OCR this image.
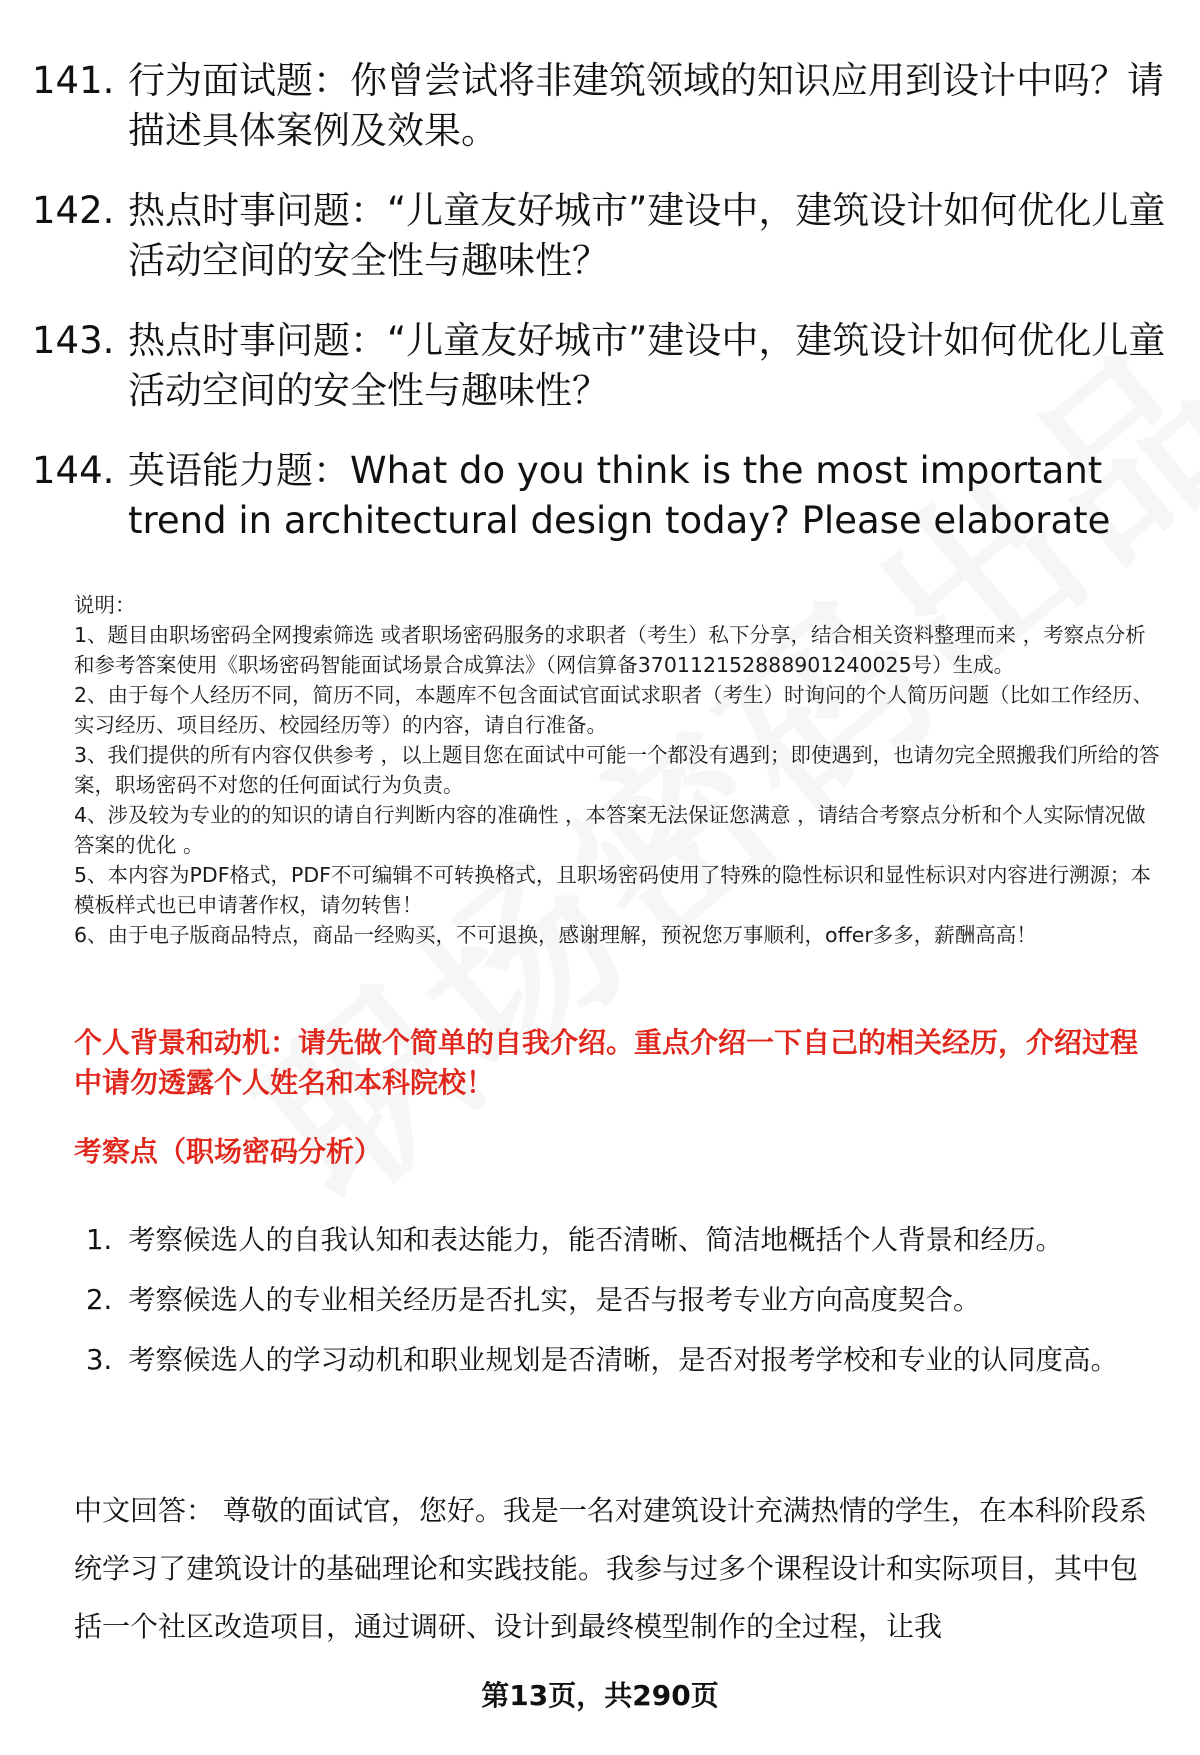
141. 行为面试题：你曾尝试将非建筑领域的知识应用到设计中吗？请描述具体案例及效果。
142. 热点时事问题：“儿童友好城市”建设中，建筑设计如何优化儿童活动空间的安全性与趣味性？
143. 热点时事问题：“儿童友好城市”建设中，建筑设计如何优化儿童活动空间的安全性与趣味性？
144. 英语能力题：What do you think is the most important trend in architectural design today? Please elaborate

说明：

1、题目由职场密码全网搜索筛选 或者职场密码服务的求职者（考生）私下分享，结合相关资料整理而来 ，考察点分析和参考答案使用《职场密码智能面试场景合成算法》（网信算备370112152888901240025号）生成。

2、由于每个人经历不同，简历不同，本题库不包含面试官面试求职者（考生）时询问的个人简历问题（比如工作经历、实习经历、项目经历、校园经历等）的内容，请自行准备。

3、我们提供的所有内容仅供参考 ，以上题目您在面试中可能一个都没有遇到；即使遇到，也请勿完全照搬我们所给的答案，职场密码不对您的任何面试行为负责。

4、涉及较为专业的的知识的请自行判断内容的准确性 ，本答案无法保证您满意 ，请结合考察点分析和个人实际情况做答案的优化 。

5、本内容为PDF格式，PDF不可编辑不可转换格式，且职场密码使用了特殊的隐性标识和显性标识对内容进行溯源；本模板样式也已申请著作权，请勿转售！

6、由于电子版商品特点，商品一经购买，不可退换，感谢理解，预祝您万事顺利，offer多多，薪酬高高！

个人背景和动机：请先做个简单的自我介绍。重点介绍一下自己的相关经历，介绍过程中请勿透露个人姓名和本科院校！
考察点（职场密码分析）
1. 考察候选人的自我认知和表达能力，能否清晰、简洁地概括个人背景和经历。
2. 考察候选人的专业相关经历是否扎实，是否与报考专业方向高度契合。
3. 考察候选人的学习动机和职业规划是否清晰，是否对报考学校和专业的认同度高。

中文回答： 尊敬的面试官，您好。我是一名对建筑设计充满热情的学生，在本科阶段系统学习了建筑设计的基础理论和实践技能。我参与过多个课程设计和实际项目，其中包括一个社区改造项目，通过调研、设计到最终模型制作的全过程，让我

第13页，共290页
